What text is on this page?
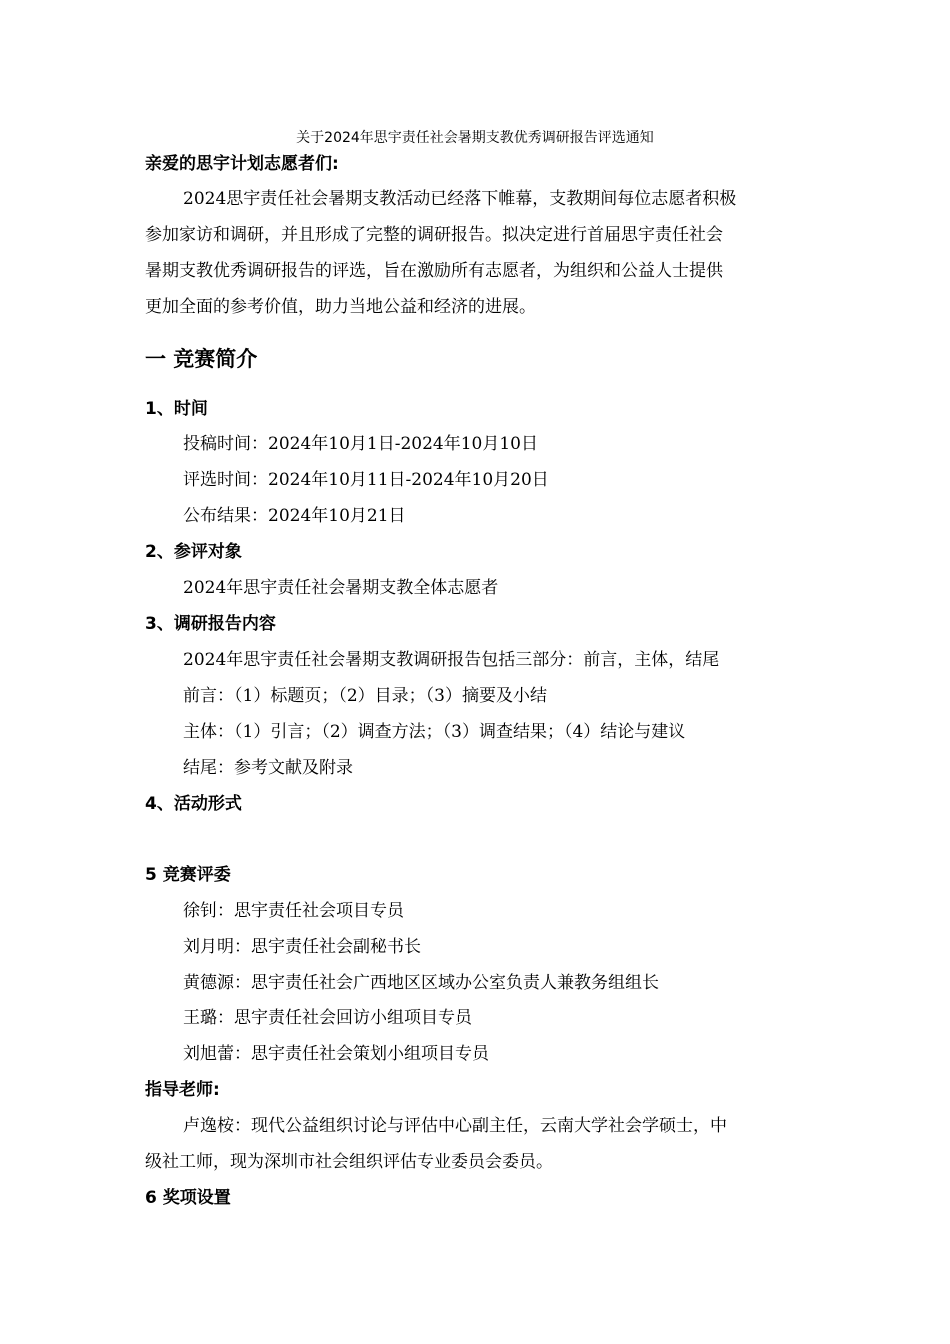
关于2024年思宇责任社会暑期支教优秀调研报告评选通知
亲爱的思宇计划志愿者们:
2024思宇责任社会暑期支教活动已经落下帷幕，支教期间每位志愿者积极
参加家访和调研，并且形成了完整的调研报告。拟决定进行首届思宇责任社会
暑期支教优秀调研报告的评选，旨在激励所有志愿者，为组织和公益人士提供
更加全面的参考价值，助力当地公益和经济的进展。
一 竞赛简介
1、时间
投稿时间：2024年10月1日-2024年10月10日
评选时间：2024年10月11日-2024年10月20日
公布结果：2024年10月21日
2、参评对象
2024年思宇责任社会暑期支教全体志愿者
3、调研报告内容
2024年思宇责任社会暑期支教调研报告包括三部分：前言，主体，结尾
前言：（1）标题页；（2）目录；（3）摘要及小结
主体：（1）引言；（2）调查方法；（3）调查结果；（4）结论与建议
结尾：参考文献及附录
4、活动形式
5 竞赛评委
徐钊：思宇责任社会项目专员
刘月明：思宇责任社会副秘书长
黄德源：思宇责任社会广西地区区域办公室负责人兼教务组组长
王璐：思宇责任社会回访小组项目专员
刘旭蕾：思宇责任社会策划小组项目专员
指导老师:
卢逸桉：现代公益组织讨论与评估中心副主任，云南大学社会学硕士，中
级社工师，现为深圳市社会组织评估专业委员会委员。
6 奖项设置
